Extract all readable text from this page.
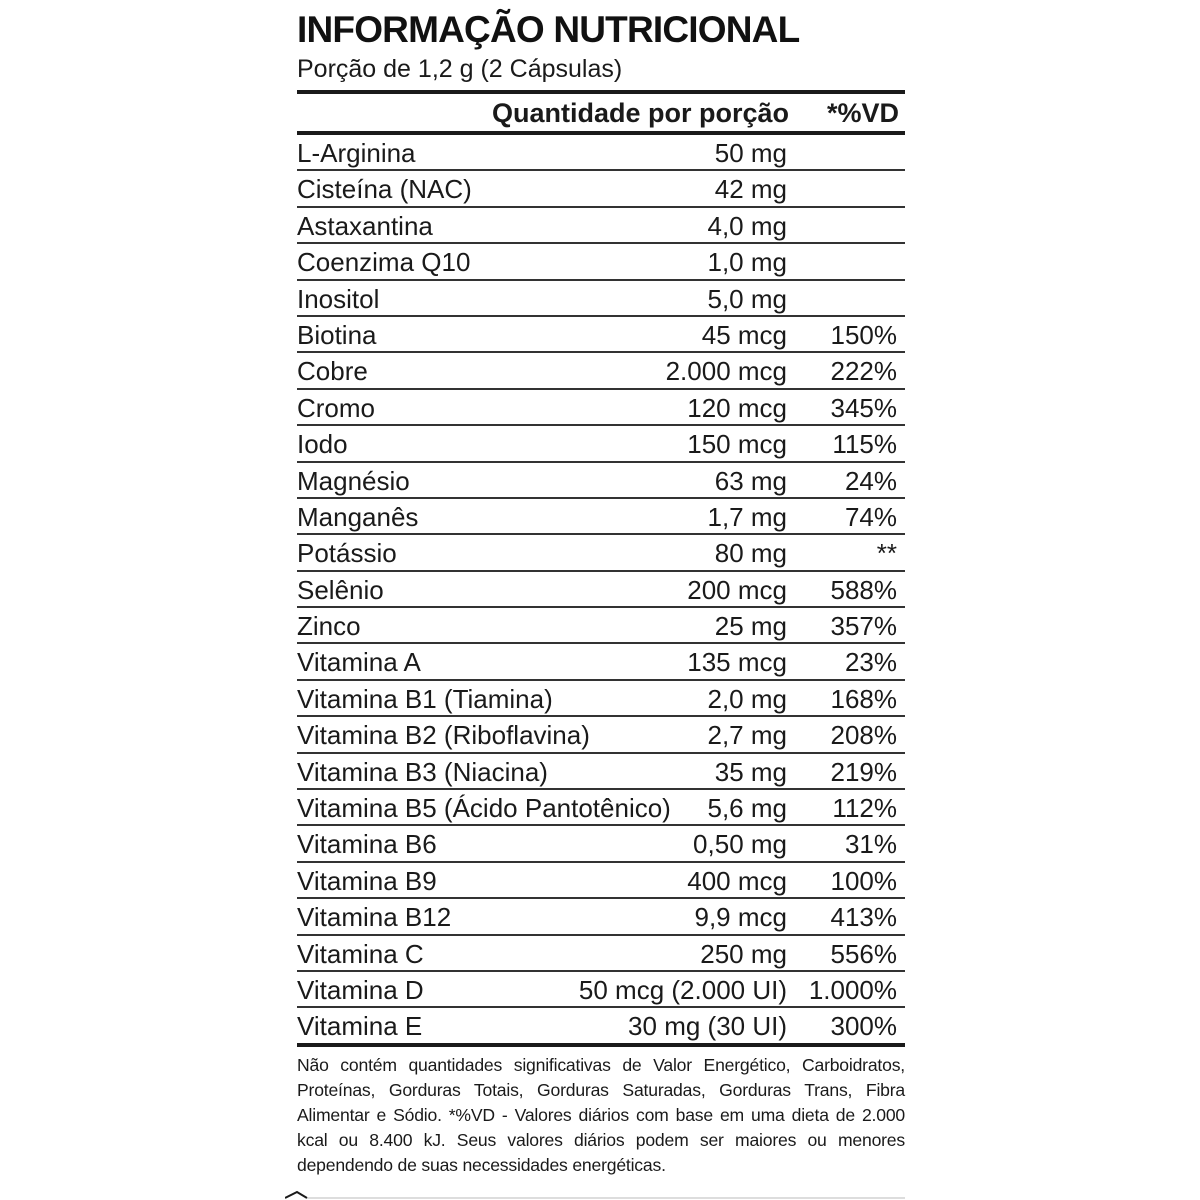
INFORMAÇÃO NUTRICIONAL
Porção de 1,2 g (2 Cápsulas)
Quantidade por porção *%VD
L-Arginina	50 mg
Cisteína (NAC)	42 mg
Astaxantina	4,0 mg
Coenzima Q10	1,0 mg
Inositol	5,0 mg
Biotina	45 mcg 150%
Cobre	2.000 mcg 222%
Cromo	120 mcg 345%
Iodo	150 mcg 115%
Magnésio	63 mg 24%
Manganês	1,7 mg 74%
Potássio	80 mg	**
Selênio	200 mcg 588%
Zinco	25 mg 357%
Vitamina A	135 mcg 23%
Vitamina B1 (Tiamina)	2,0 mg 168%
Vitamina B2 (Riboflavina)	2,7 mg 208%
Vitamina B3 (Niacina)	35 mg 219%
Vitamina B5 (Ácido Pantotênico) 5,6 mg 112%
Vitamina B6	0,50 mg 31%
Vitamina B9	400 mcg 100%
Vitamina B12	9,9 mcg 413%
Vitamina C	250 mg 556%
Vitamina D	50 mcg (2.000 UI) 1.000%
Vitamina E	30 mg (30 UI) 300%
Não contém quantidades significativas de Valor Energético, Carboidratos, Proteínas, Gorduras Totais, Gorduras Saturadas, Gorduras Trans, Fibra Alimentar e Sódio. *%VD - Valores diários com base em uma dieta de 2.000 kcal ou 8.400 kJ. Seus valores diários podem ser maiores ou menores dependendo de suas necessidades energéticas.
